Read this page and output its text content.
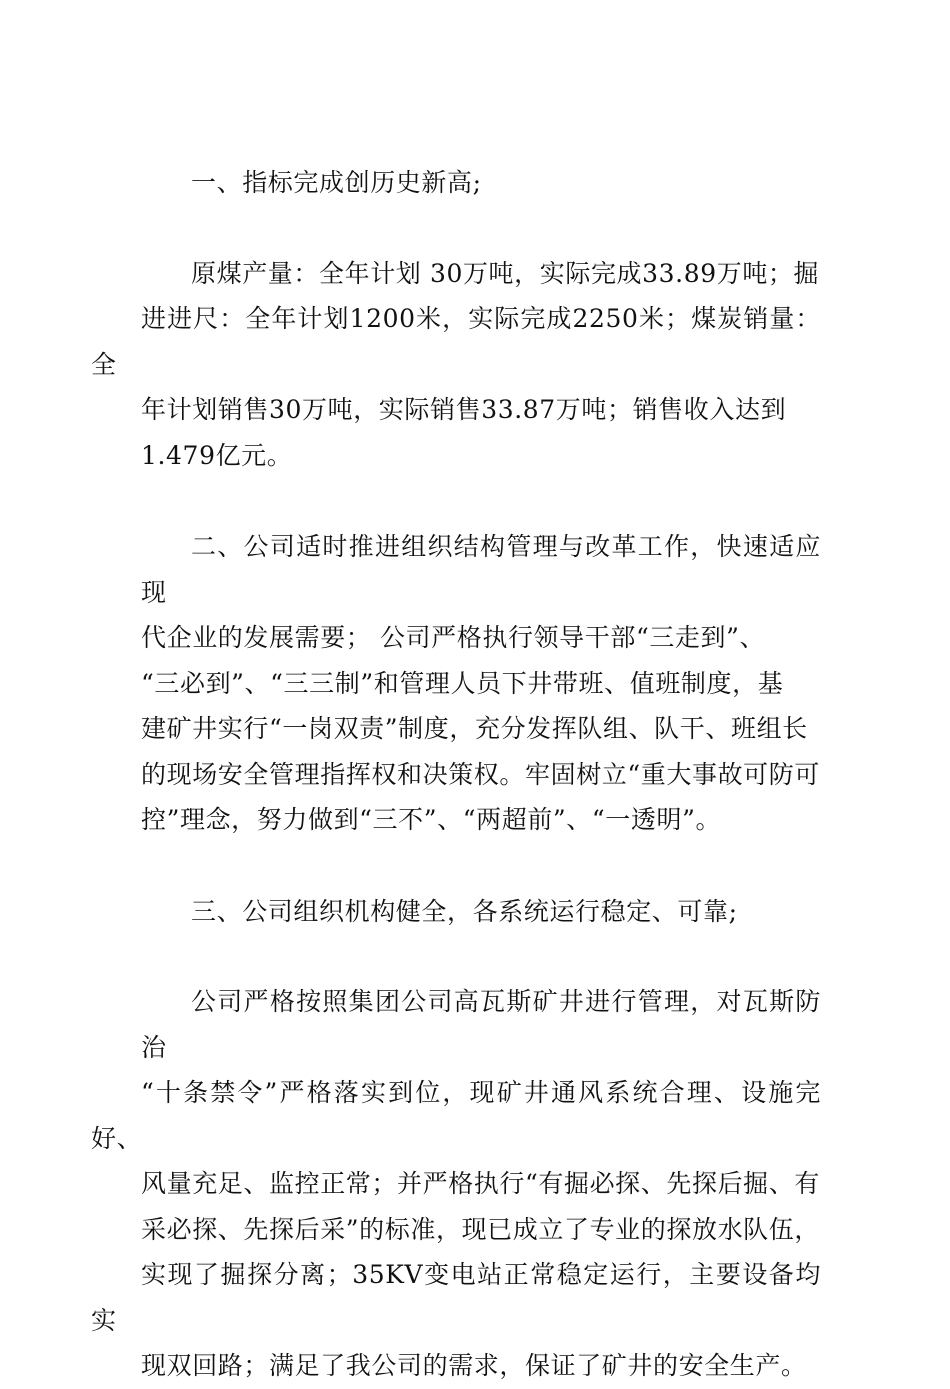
一、指标完成创历史新高;

原煤产量：全年计划 30万吨，实际完成33.89万吨；掘
进进尺：全年计划1200米，实际完成2250米；煤炭销量：全
年计划销售30万吨，实际销售33.87万吨；销售收入达到
1.479亿元。

二、公司适时推进组织结构管理与改革工作，快速适应现
代企业的发展需要； 公司严格执行领导干部“三走到”、
“三必到”、“三三制”和管理人员下井带班、值班制度，基
建矿井实行“一岗双责”制度，充分发挥队组、队干、班组长
的现场安全管理指挥权和决策权。牢固树立“重大事故可防可
控”理念，努力做到“三不”、“两超前”、“一透明”。

三、公司组织机构健全，各系统运行稳定、可靠;

公司严格按照集团公司高瓦斯矿井进行管理，对瓦斯防治
“十条禁令”严格落实到位，现矿井通风系统合理、设施完好、
风量充足、监控正常；并严格执行“有掘必探、先探后掘、有
采必探、先探后采”的标准，现已成立了专业的探放水队伍，
实现了掘探分离；35KV变电站正常稳定运行，主要设备均实
现双回路；满足了我公司的需求，保证了矿井的安全生产。
